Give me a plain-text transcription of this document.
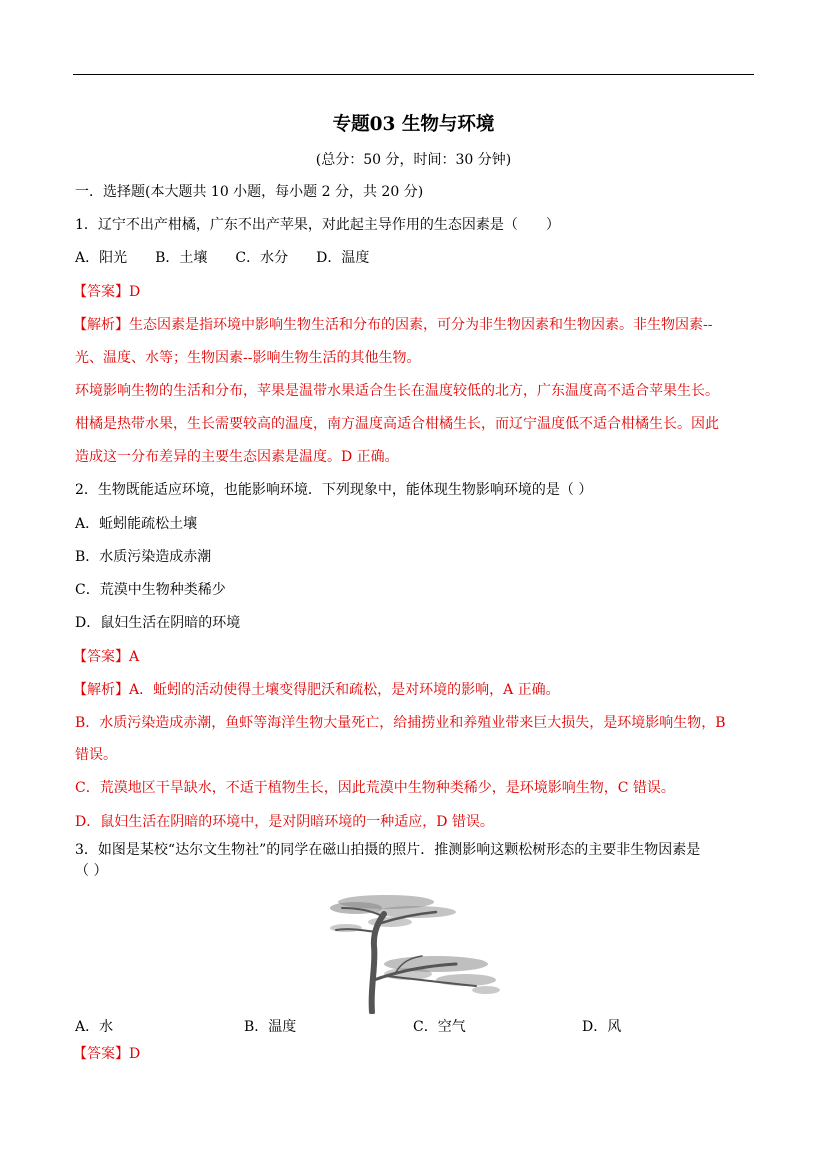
专题03 生物与环境
(总分：50 分，时间：30 分钟)
一．选择题(本大题共 10 小题，每小题 2 分，共 20 分)
1．辽宁不出产柑橘，广东不出产苹果，对此起主导作用的生态因素是（　　）
A．阳光　　B．土壤　　C．水分　　D．温度
【答案】D
【解析】生态因素是指环境中影响生物生活和分布的因素，可分为非生物因素和生物因素。非生物因素--
光、温度、水等；生物因素--影响生物生活的其他生物。
环境影响生物的生活和分布，苹果是温带水果适合生长在温度较低的北方，广东温度高不适合苹果生长。
柑橘是热带水果，生长需要较高的温度，南方温度高适合柑橘生长，而辽宁温度低不适合柑橘生长。因此
造成这一分布差异的主要生态因素是温度。D 正确。
2．生物既能适应环境，也能影响环境．下列现象中，能体现生物影响环境的是（ ）
A．蚯蚓能疏松土壤
B．水质污染造成赤潮
C．荒漠中生物种类稀少
D．鼠妇生活在阴暗的环境
【答案】A
【解析】A．蚯蚓的活动使得土壤变得肥沃和疏松，是对环境的影响，A 正确。
B．水质污染造成赤潮，鱼虾等海洋生物大量死亡，给捕捞业和养殖业带来巨大损失，是环境影响生物，B
错误。
C．荒漠地区干旱缺水，不适于植物生长，因此荒漠中生物种类稀少，是环境影响生物，C 错误。
D．鼠妇生活在阴暗的环境中，是对阴暗环境的一种适应，D 错误。
3．如图是某校“达尔文生物社”的同学在磁山拍摄的照片．推测影响这颗松树形态的主要非生物因素是
（ ）
A．水	B．温度	C．空气	D．风
【答案】D
